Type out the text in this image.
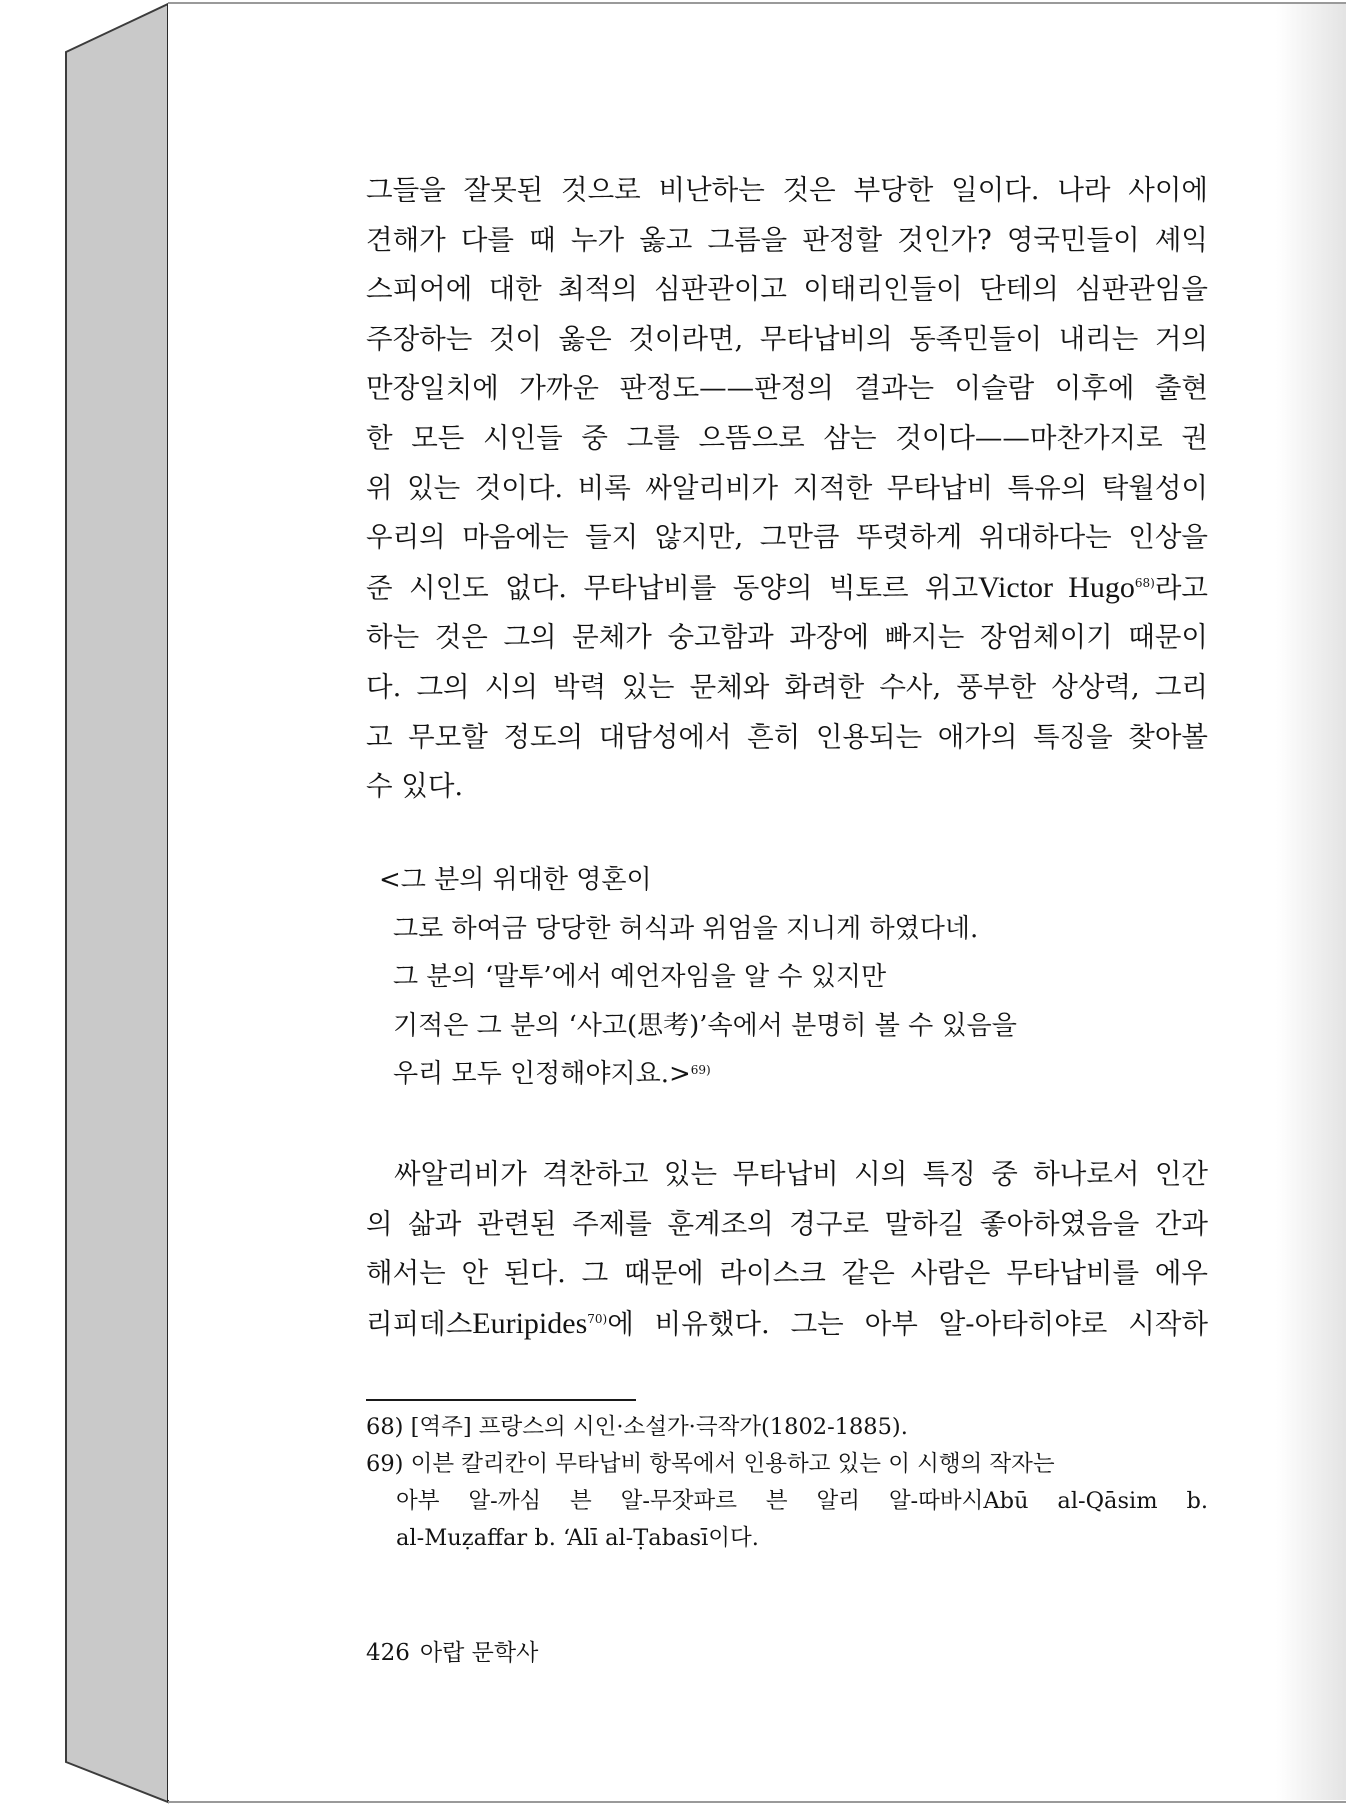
그들을 잘못된 것으로 비난하는 것은 부당한 일이다. 나라 사이에
견해가 다를 때 누가 옳고 그름을 판정할 것인가? 영국민들이 셰익
스피어에 대한 최적의 심판관이고 이태리인들이 단테의 심판관임을
주장하는 것이 옳은 것이라면, 무타납비의 동족민들이 내리는 거의
만장일치에 가까운 판정도——판정의 결과는 이슬람 이후에 출현
한 모든 시인들 중 그를 으뜸으로 삼는 것이다——마찬가지로 권
위 있는 것이다. 비록 싸알리비가 지적한 무타납비 특유의 탁월성이
우리의 마음에는 들지 않지만, 그만큼 뚜렷하게 위대하다는 인상을
준 시인도 없다. 무타납비를 동양의 빅토르 위고Victor Hugo$^{68)}$라고
하는 것은 그의 문체가 숭고함과 과장에 빠지는 장엄체이기 때문이
다. 그의 시의 박력 있는 문체와 화려한 수사, 풍부한 상상력, 그리
고 무모할 정도의 대담성에서 흔히 인용되는 애가의 특징을 찾아볼
수 있다.

<그 분의 위대한 영혼이
그로 하여금 당당한 허식과 위엄을 지니게 하였다네.
그 분의 ‘말투’에서 예언자임을 알 수 있지만
기적은 그 분의 ‘사고(思考)’속에서 분명히 볼 수 있음을
우리 모두 인정해야지요.>$^{69)}$

싸알리비가 격찬하고 있는 무타납비 시의 특징 중 하나로서 인간
의 삶과 관련된 주제를 훈계조의 경구로 말하길 좋아하였음을 간과
해서는 안 된다. 그 때문에 라이스크 같은 사람은 무타납비를 에우
리피데스Euripides$^{70)}$에 비유했다. 그는 아부 알-아타히야로 시작하

68) [역주] 프랑스의 시인·소설가·극작가(1802-1885).

69) 이븐 칼리칸이 무타납비 항목에서 인용하고 있는 이 시행의 작자는
아부 알-까심 븐 알-무잣파르 븐 알리 알-따바시Abū al-Qāsim b.
al-Muẓaffar b. ‘Alī al-Ṭabasī이다.

426 아랍 문학사
